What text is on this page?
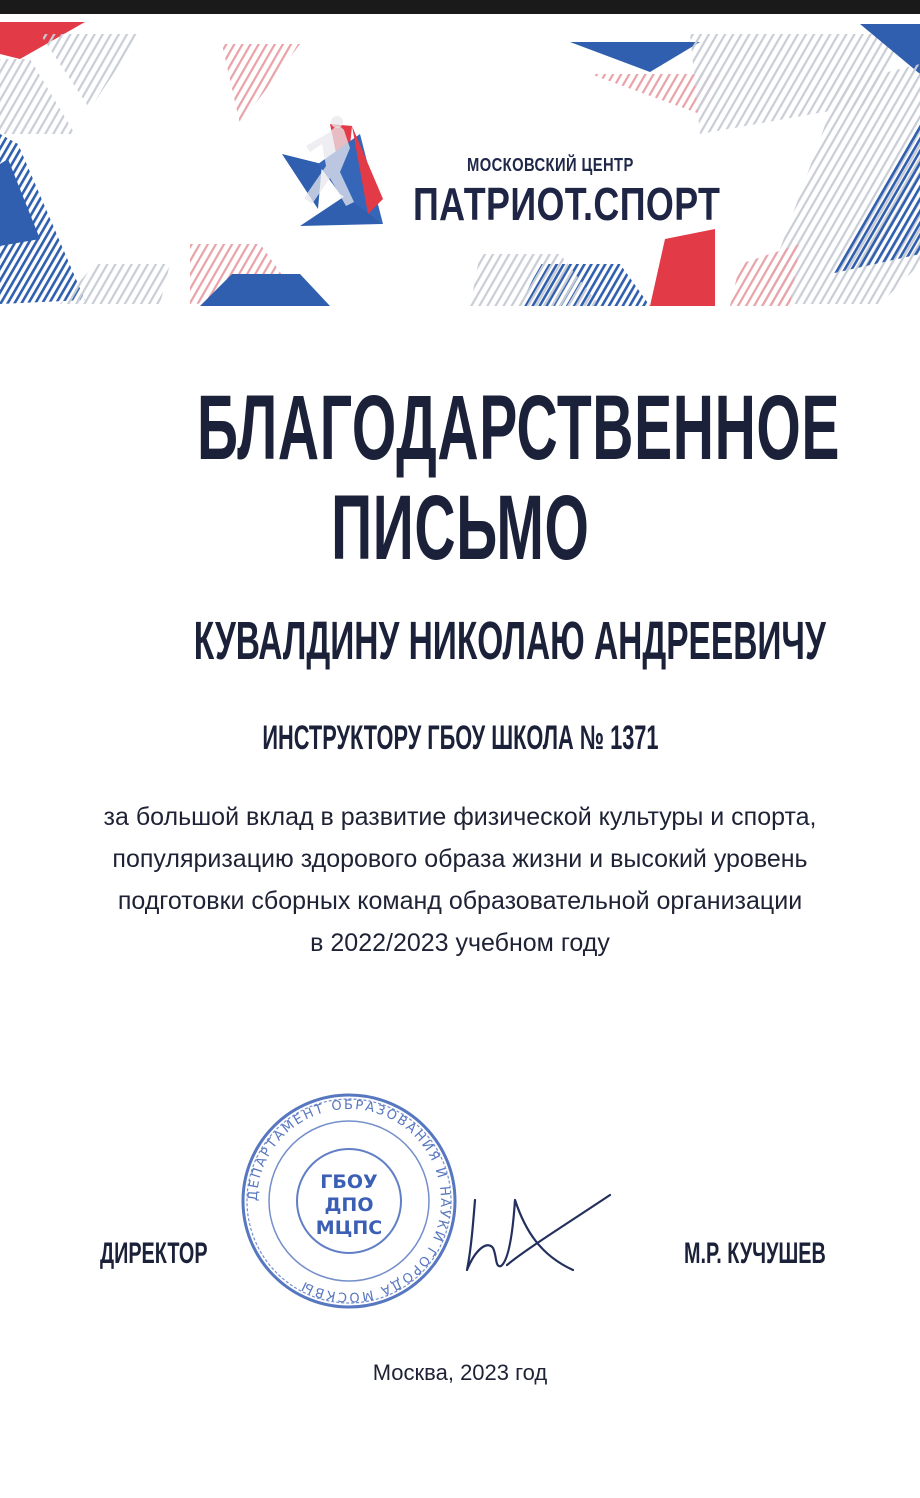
МОСКОВСКИЙ ЦЕНТР
ПАТРИОТ.СПОРТ
БЛАГОДАРСТВЕННОЕ
ПИСЬМО
КУВАЛДИНУ НИКОЛАЮ АНДРЕЕВИЧУ
ИНСТРУКТОРУ ГБОУ ШКОЛА № 1371
за большой вклад в развитие физической культуры и спорта,
популяризацию здорового образа жизни и высокий уровень
подготовки сборных команд образовательной организации
в 2022/2023 учебном году
ДИРЕКТОР
ДЕПАРТАМЕНТ ОБРАЗОВАНИЯ И НАУКИ ГОРОДА МОСКВЫ
ГБОУ
ДПО
МЦПС
М.Р. КУЧУШЕВ
Москва, 2023 год
